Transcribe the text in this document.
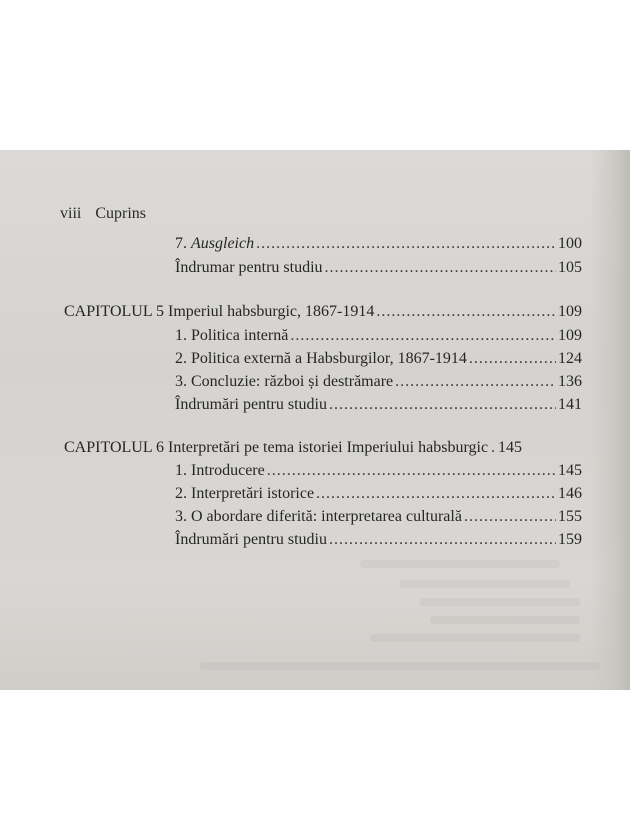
viii Cuprins
7. Ausgleich .....	100
Îndrumar pentru studiu .....	105
CAPITOLUL 5 Imperiul habsburgic, 1867-1914 .....	109
1. Politica internă .....	109
2. Politica externă a Habsburgilor, 1867-1914 .....	124
3. Concluzie: război și destrămare .....	136
Îndrumări pentru studiu .....	141
CAPITOLUL 6 Interpretări pe tema istoriei Imperiului habsburgic ..... 145
1. Introducere .....	145
2. Interpretări istorice .....	146
3. O abordare diferită: interpretarea culturală .....	155
Îndrumări pentru studiu .....	159
